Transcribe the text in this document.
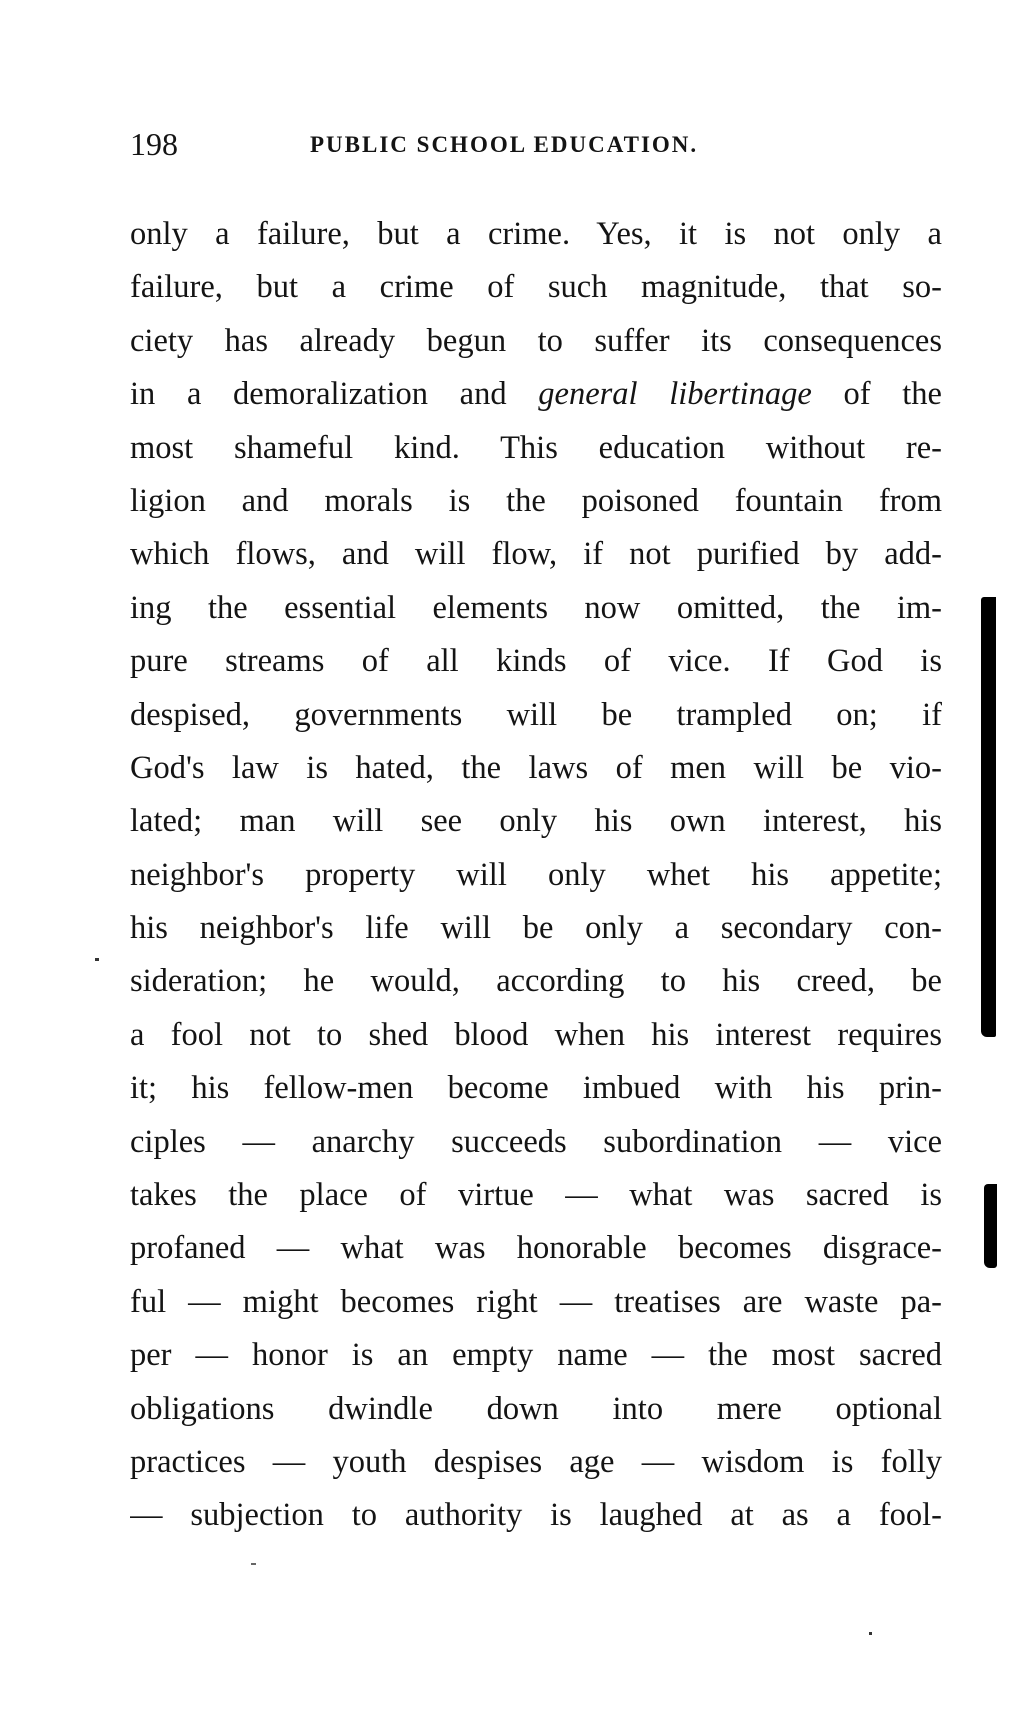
198	PUBLIC SCHOOL EDUCATION.
only a failure, but a crime. Yes, it is not only a
failure, but a crime of such magnitude, that so-
ciety has already begun to suffer its consequences
in a demoralization and general libertinage of the
most shameful kind. This education without re-
ligion and morals is the poisoned fountain from
which flows, and will flow, if not purified by add-
ing the essential elements now omitted, the im-
pure streams of all kinds of vice. If God is
despised, governments will be trampled on; if
God's law is hated, the laws of men will be vio-
lated; man will see only his own interest, his
neighbor's property will only whet his appetite;
his neighbor's life will be only a secondary con-
sideration; he would, according to his creed, be
a fool not to shed blood when his interest requires
it; his fellow-men become imbued with his prin-
ciples — anarchy succeeds subordination — vice
takes the place of virtue — what was sacred is
profaned — what was honorable becomes disgrace-
ful — might becomes right — treatises are waste pa-
per — honor is an empty name — the most sacred
obligations dwindle down into mere optional
practices — youth despises age — wisdom is folly
— subjection to authority is laughed at as a fool-
